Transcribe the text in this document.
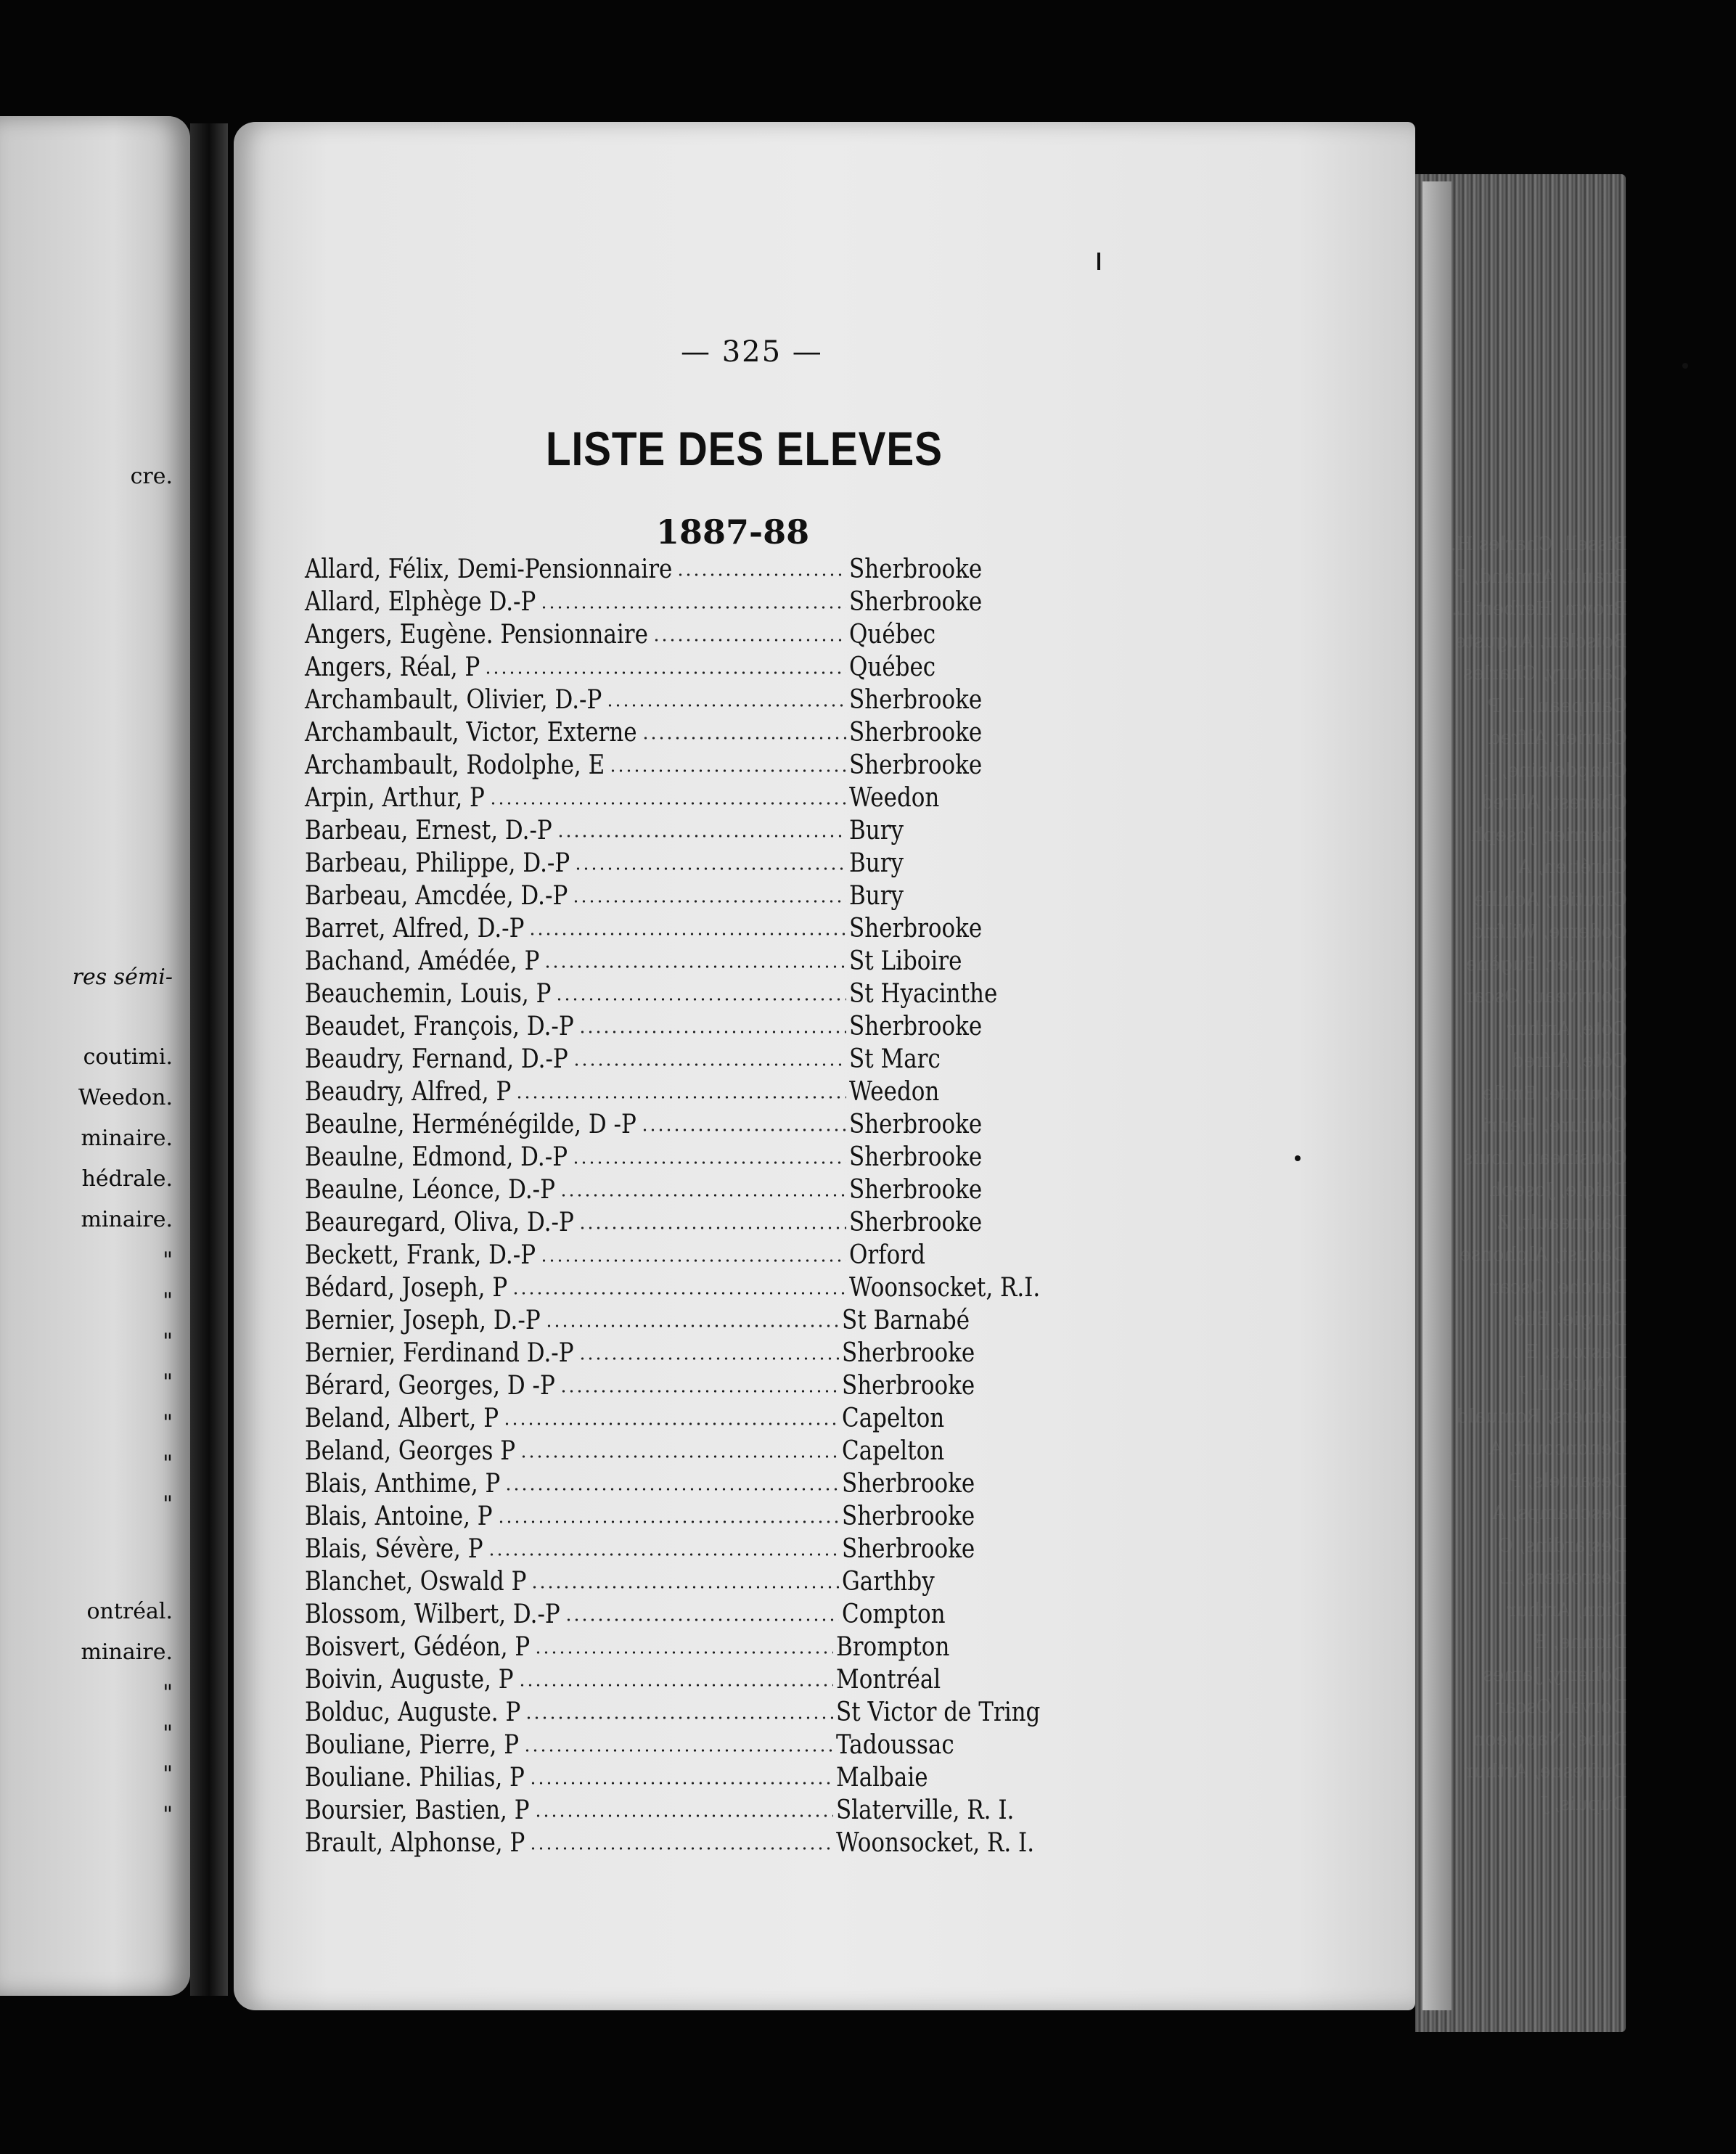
cre.
res sémi-
coutimi.
Weedon.
minaire.
hédrale.
minaire.
"
"
"
"
"
"
"
ontréal.
minaire.
"
"
"
"
Bissell, Charles H.
Brault, Armand, P
Brown, Herbert L.
Boisclair, Auguste
Caboury, Charles
Campeau, L. P
Carrier, Alfred
Chapdelaine, J.
Charest, Alfred
Charrier, Joseph
Chrétien, A
Cloutier, Achille
Coderre, Wilfrid
Cormier, Eugène
Corriveau, Oscar
Côté, Arthur
Côté, Alfred
Couture, Emile
Couture, Henri
Cousineau, Louis
Daigle, Joseph
Daigneault, Z
Daoust, Alphonse
Darche, Oscar
Dargie, Elie
Dastous, E
D'Auteuil, J
Demers, Romuald
Denoncourt, A
Desautels, P
Deschamps, A
Desjardins, O
Desrosiers, L
Dion, Arthur
Dionne, E
Doherty, James
Dorval, Oscar
Dubé, Napoléon
Dufresne, Arthur
Dupuis, J
— 325 —
LISTE DES ELEVES
1887-88
Allard, Félix, Demi-Pensionnaire	Sherbrooke
Allard, Elphège D.-P	Sherbrooke
Angers, Eugène. Pensionnaire	Québec
Angers, Réal, P	Québec
Archambault, Olivier, D.-P	Sherbrooke
Archambault, Victor, Externe	Sherbrooke
Archambault, Rodolphe, E	Sherbrooke
Arpin, Arthur, P	Weedon
Barbeau, Ernest, D.-P	Bury
Barbeau, Philippe, D.-P	Bury
Barbeau, Amcdée, D.-P	Bury
Barret, Alfred, D.-P	Sherbrooke
Bachand, Amédée, P	St Liboire
Beauchemin, Louis, P	St Hyacinthe
Beaudet, François, D.-P	Sherbrooke
Beaudry, Fernand, D.-P	St Marc
Beaudry, Alfred, P	Weedon
Beaulne, Herménégilde, D -P	Sherbrooke
Beaulne, Edmond, D.-P	Sherbrooke
Beaulne, Léonce, D.-P	Sherbrooke
Beauregard, Oliva, D.-P	Sherbrooke
Beckett, Frank, D.-P	Orford
Bédard, Joseph, P	Woonsocket, R.I.
Bernier, Joseph, D.-P	St Barnabé
Bernier, Ferdinand D.-P	Sherbrooke
Bérard, Georges, D -P	Sherbrooke
Beland, Albert, P	Capelton
Beland, Georges P	Capelton
Blais, Anthime, P	Sherbrooke
Blais, Antoine, P	Sherbrooke
Blais, Sévère, P	Sherbrooke
Blanchet, Oswald P	Garthby
Blossom, Wilbert, D.-P	Compton
Boisvert, Gédéon, P	Brompton
Boivin, Auguste, P	Montréal
Bolduc, Auguste. P	St Victor de Tring
Bouliane, Pierre, P	Tadoussac
Bouliane. Philias, P	Malbaie
Boursier, Bastien, P	Slaterville, R. I.
Brault, Alphonse, P	Woonsocket, R. I.
